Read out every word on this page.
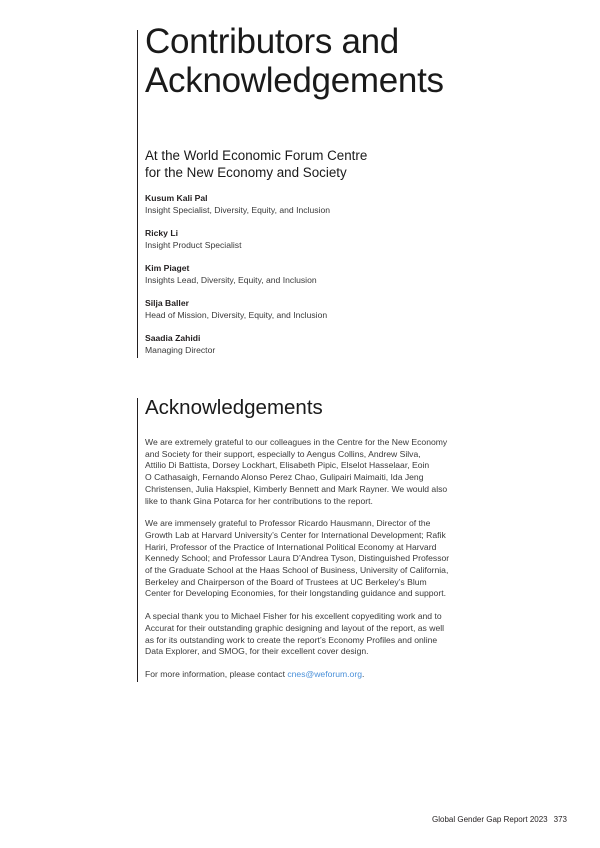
Contributors and
Acknowledgements
At the World Economic Forum Centre
for the New Economy and Society
Kusum Kali Pal
Insight Specialist, Diversity, Equity, and Inclusion
Ricky Li
Insight Product Specialist
Kim Piaget
Insights Lead, Diversity, Equity, and Inclusion
Silja Baller
Head of Mission, Diversity, Equity, and Inclusion
Saadia Zahidi
Managing Director
Acknowledgements

We are extremely grateful to our colleagues in the Centre for the New Economy
and Society for their support, especially to Aengus Collins, Andrew Silva,
Attilio Di Battista, Dorsey Lockhart, Elisabeth Pipic, Elselot Hasselaar, Eoin
O Cathasaigh, Fernando Alonso Perez Chao, Gulipairi Maimaiti, Ida Jeng
Christensen, Julia Hakspiel, Kimberly Bennett and Mark Rayner. We would also
like to thank Gina Potarca for her contributions to the report.

We are immensely grateful to Professor Ricardo Hausmann, Director of the
Growth Lab at Harvard University’s Center for International Development; Rafik
Hariri, Professor of the Practice of International Political Economy at Harvard
Kennedy School; and Professor Laura D’Andrea Tyson, Distinguished Professor
of the Graduate School at the Haas School of Business, University of California,
Berkeley and Chairperson of the Board of Trustees at UC Berkeley’s Blum
Center for Developing Economies, for their longstanding guidance and support.

A special thank you to Michael Fisher for his excellent copyediting work and to
Accurat for their outstanding graphic designing and layout of the report, as well
as for its outstanding work to create the report’s Economy Profiles and online
Data Explorer, and SMOG, for their excellent cover design.

For more information, please contact cnes@weforum.org.

Global Gender Gap Report 2023 373
